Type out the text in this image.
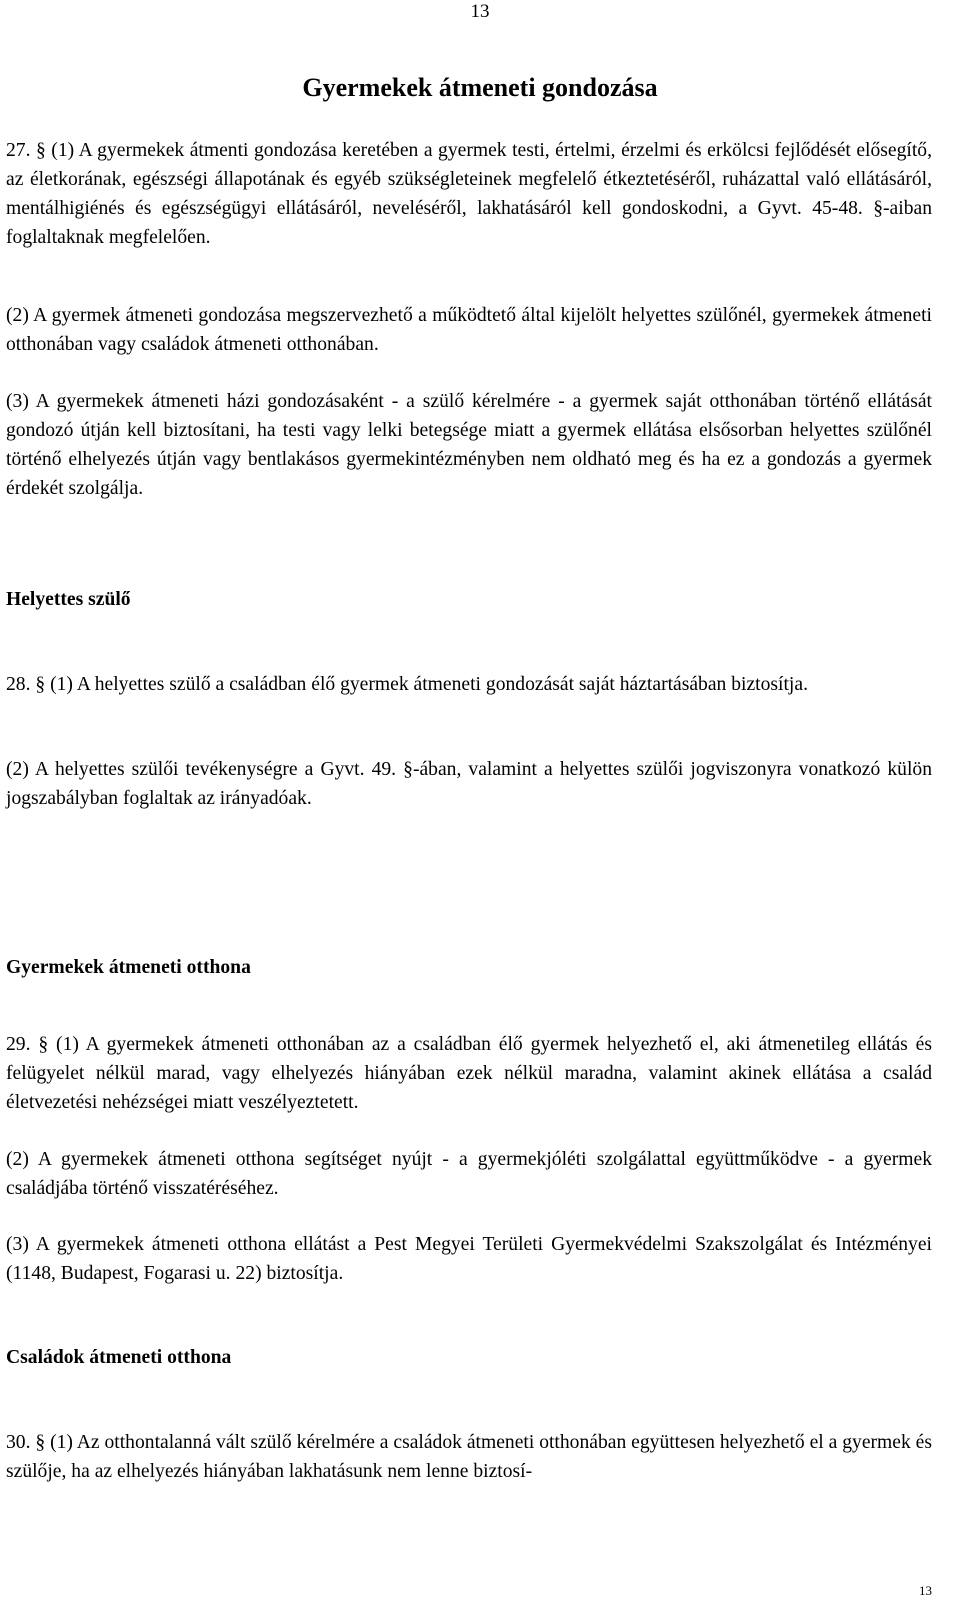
13
Gyermekek átmeneti gondozása

27. § (1) A gyermekek átmenti gondozása keretében a gyermek testi, értelmi, érzelmi és erkölcsi fejlődését elősegítő, az életkorának, egészségi állapotának és egyéb szükségleteinek megfelelő étkeztetéséről, ruházattal való ellátásáról, mentálhigiénés és egészségügyi ellátásáról, neveléséről, lakhatásáról kell gondoskodni, a Gyvt. 45-48. §-aiban foglaltaknak megfelelően.

(2) A gyermek átmeneti gondozása megszervezhető a működtető által kijelölt helyettes szülőnél, gyermekek átmeneti otthonában vagy családok átmeneti otthonában.

(3) A gyermekek átmeneti házi gondozásaként - a szülő kérelmére - a gyermek saját otthonában történő ellátását gondozó útján kell biztosítani, ha testi vagy lelki betegsége miatt a gyermek ellátása elsősorban helyettes szülőnél történő elhelyezés útján vagy bentlakásos gyermekintézményben nem oldható meg és ha ez a gondozás a gyermek érdekét szolgálja.

Helyettes szülő

28. § (1) A helyettes szülő a családban élő gyermek átmeneti gondozását saját háztartásában biztosítja.

(2) A helyettes szülői tevékenységre a Gyvt. 49. §-ában, valamint a helyettes szülői jogviszonyra vonatkozó külön jogszabályban foglaltak az irányadóak.

Gyermekek átmeneti otthona

29. § (1) A gyermekek átmeneti otthonában az a családban élő gyermek helyezhető el, aki átmenetileg ellátás és felügyelet nélkül marad, vagy elhelyezés hiányában ezek nélkül maradna, valamint akinek ellátása a család életvezetési nehézségei miatt veszélyeztetett.

(2) A gyermekek átmeneti otthona segítséget nyújt - a gyermekjóléti szolgálattal együttműködve - a gyermek családjába történő visszatéréséhez.

(3) A gyermekek átmeneti otthona ellátást a Pest Megyei Területi Gyermekvédelmi Szakszolgálat és Intézményei (1148, Budapest, Fogarasi u. 22) biztosítja.

Családok átmeneti otthona

30. § (1) Az otthontalanná vált szülő kérelmére a családok átmeneti otthonában együttesen helyezhető el a gyermek és szülője, ha az elhelyezés hiányában lakhatásunk nem lenne biztosí-

13
